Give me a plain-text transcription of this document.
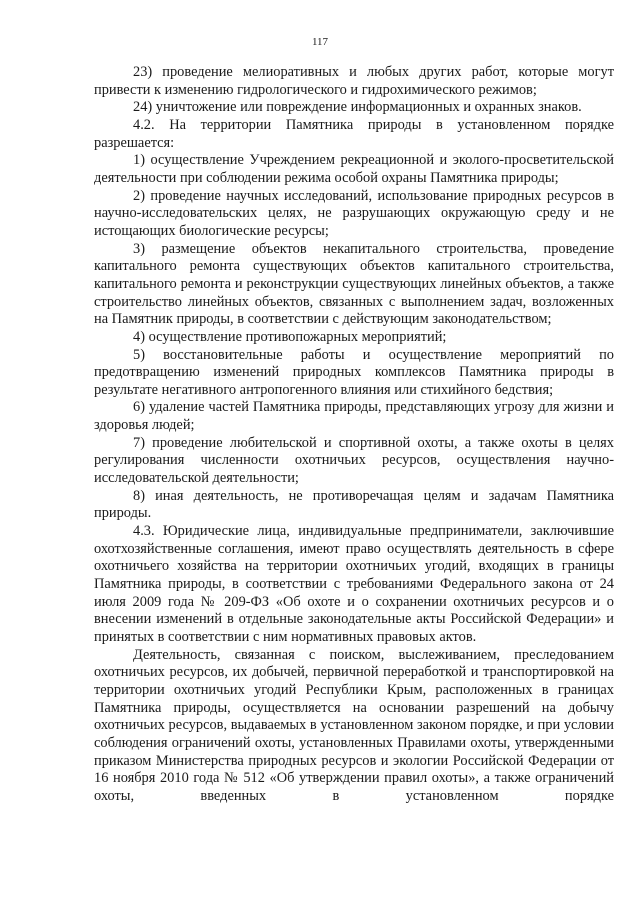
117

23) проведение мелиоративных и любых других работ, которые могут привести к изменению гидрологического и гидрохимического режимов;

24) уничтожение или повреждение информационных и охранных знаков.

4.2. На территории Памятника природы в установленном порядке разрешается:

1) осуществление Учреждением рекреационной и эколого-просветительской деятельности при соблюдении режима особой охраны Памятника природы;

2) проведение научных исследований, использование природных ресурсов в научно-исследовательских целях, не разрушающих окружающую среду и не истощающих биологические ресурсы;

3) размещение объектов некапитального строительства, проведение капитального ремонта существующих объектов капитального строительства, капитального ремонта и реконструкции существующих линейных объектов, а также строительство линейных объектов, связанных с выполнением задач, возложенных на Памятник природы, в соответствии с действующим законодательством;

4) осуществление противопожарных мероприятий;

5) восстановительные работы и осуществление мероприятий по предотвращению изменений природных комплексов Памятника природы в результате негативного антропогенного влияния или стихийного бедствия;

6) удаление частей Памятника природы, представляющих угрозу для жизни и здоровья людей;

7) проведение любительской и спортивной охоты, а также охоты в целях регулирования численности охотничьих ресурсов, осуществления научно-исследовательской деятельности;

8) иная деятельность, не противоречащая целям и задачам Памятника природы.

4.3. Юридические лица, индивидуальные предприниматели, заключившие охотхозяйственные соглашения, имеют право осуществлять деятельность в сфере охотничьего хозяйства на территории охотничьих угодий, входящих в границы Памятника природы, в соответствии с требованиями Федерального закона от 24 июля 2009 года № 209-ФЗ «Об охоте и о сохранении охотничьих ресурсов и о внесении изменений в отдельные законодательные акты Российской Федерации» и принятых в соответствии с ним нормативных правовых актов.

Деятельность, связанная с поиском, выслеживанием, преследованием охотничьих ресурсов, их добычей, первичной переработкой и транспортировкой на территории охотничьих угодий Республики Крым, расположенных в границах Памятника природы, осуществляется на основании разрешений на добычу охотничьих ресурсов, выдаваемых в установленном законом порядке, и при условии соблюдения ограничений охоты, установленных Правилами охоты, утвержденными приказом Министерства природных ресурсов и экологии Российской Федерации от 16 ноября 2010 года № 512 «Об утверждении правил охоты», а также ограничений охоты, введенных в установленном порядке
